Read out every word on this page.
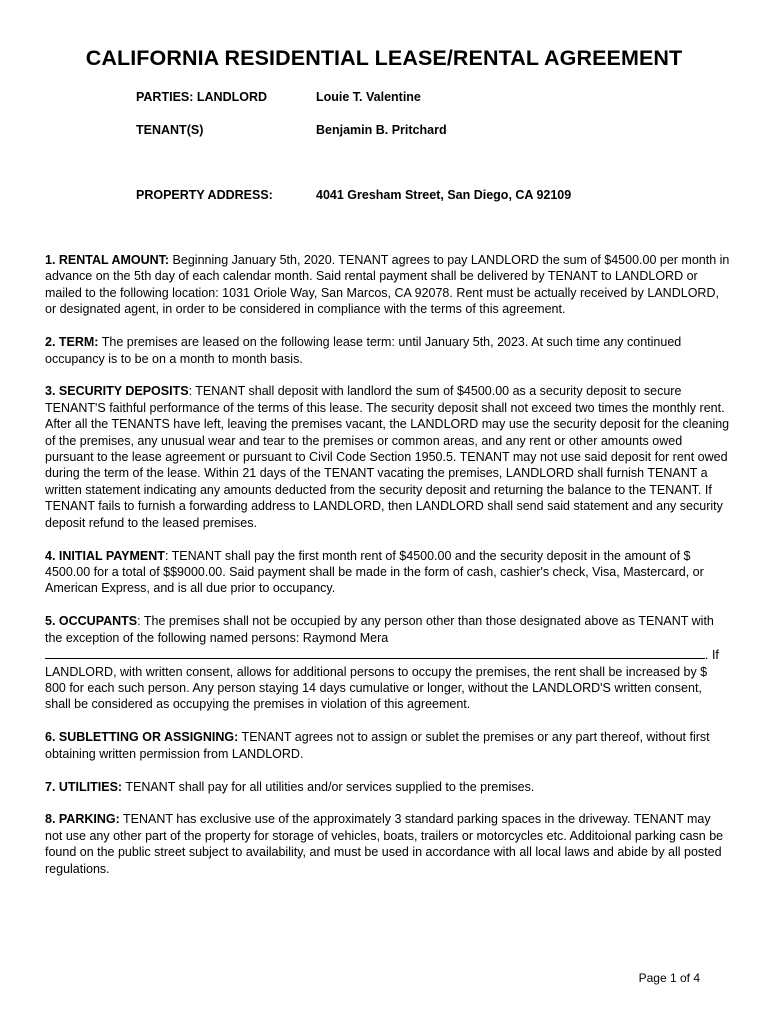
CALIFORNIA RESIDENTIAL LEASE/RENTAL AGREEMENT
PARTIES: LANDLORD	Louie T. Valentine
TENANT(S)	Benjamin B. Pritchard
PROPERTY ADDRESS:	4041 Gresham Street, San Diego, CA 92109

1. RENTAL AMOUNT: Beginning January 5th, 2020. TENANT agrees to pay LANDLORD the sum of $4500.00 per month in advance on the 5th day of each calendar month. Said rental payment shall be delivered by TENANT to LANDLORD or mailed to the following location: 1031 Oriole Way, San Marcos, CA 92078. Rent must be actually received by LANDLORD, or designated agent, in order to be considered in compliance with the terms of this agreement.

2. TERM: The premises are leased on the following lease term: until January 5th, 2023. At such time any continued occupancy is to be on a month to month basis.

3. SECURITY DEPOSITS: TENANT shall deposit with landlord the sum of $4500.00 as a security deposit to secure TENANT'S faithful performance of the terms of this lease. The security deposit shall not exceed two times the monthly rent. After all the TENANTS have left, leaving the premises vacant, the LANDLORD may use the security deposit for the cleaning of the premises, any unusual wear and tear to the premises or common areas, and any rent or other amounts owed pursuant to the lease agreement or pursuant to Civil Code Section 1950.5. TENANT may not use said deposit for rent owed during the term of the lease. Within 21 days of the TENANT vacating the premises, LANDLORD shall furnish TENANT a written statement indicating any amounts deducted from the security deposit and returning the balance to the TENANT. If TENANT fails to furnish a forwarding address to LANDLORD, then LANDLORD shall send said statement and any security deposit refund to the leased premises.

4. INITIAL PAYMENT: TENANT shall pay the first month rent of $4500.00 and the security deposit in the amount of $ 4500.00 for a total of $$9000.00. Said payment shall be made in the form of cash, cashier's check, Visa, Mastercard, or American Express, and is all due prior to occupancy.

5. OCCUPANTS: The premises shall not be occupied by any person other than those designated above as TENANT with the exception of the following named persons: Raymond Mera
. If LANDLORD, with written consent, allows for additional persons to occupy the premises, the rent shall be increased by $ 800 for each such person. Any person staying 14 days cumulative or longer, without the LANDLORD'S written consent, shall be considered as occupying the premises in violation of this agreement.

6. SUBLETTING OR ASSIGNING: TENANT agrees not to assign or sublet the premises or any part thereof, without first obtaining written permission from LANDLORD.

7. UTILITIES: TENANT shall pay for all utilities and/or services supplied to the premises.

8. PARKING: TENANT has exclusive use of the approximately 3 standard parking spaces in the driveway. TENANT may not use any other part of the property for storage of vehicles, boats, trailers or motorcycles etc. Additoional parking casn be found on the public street subject to availability, and must be used in accordance with all local laws and abide by all posted regulations.

Page 1 of 4
